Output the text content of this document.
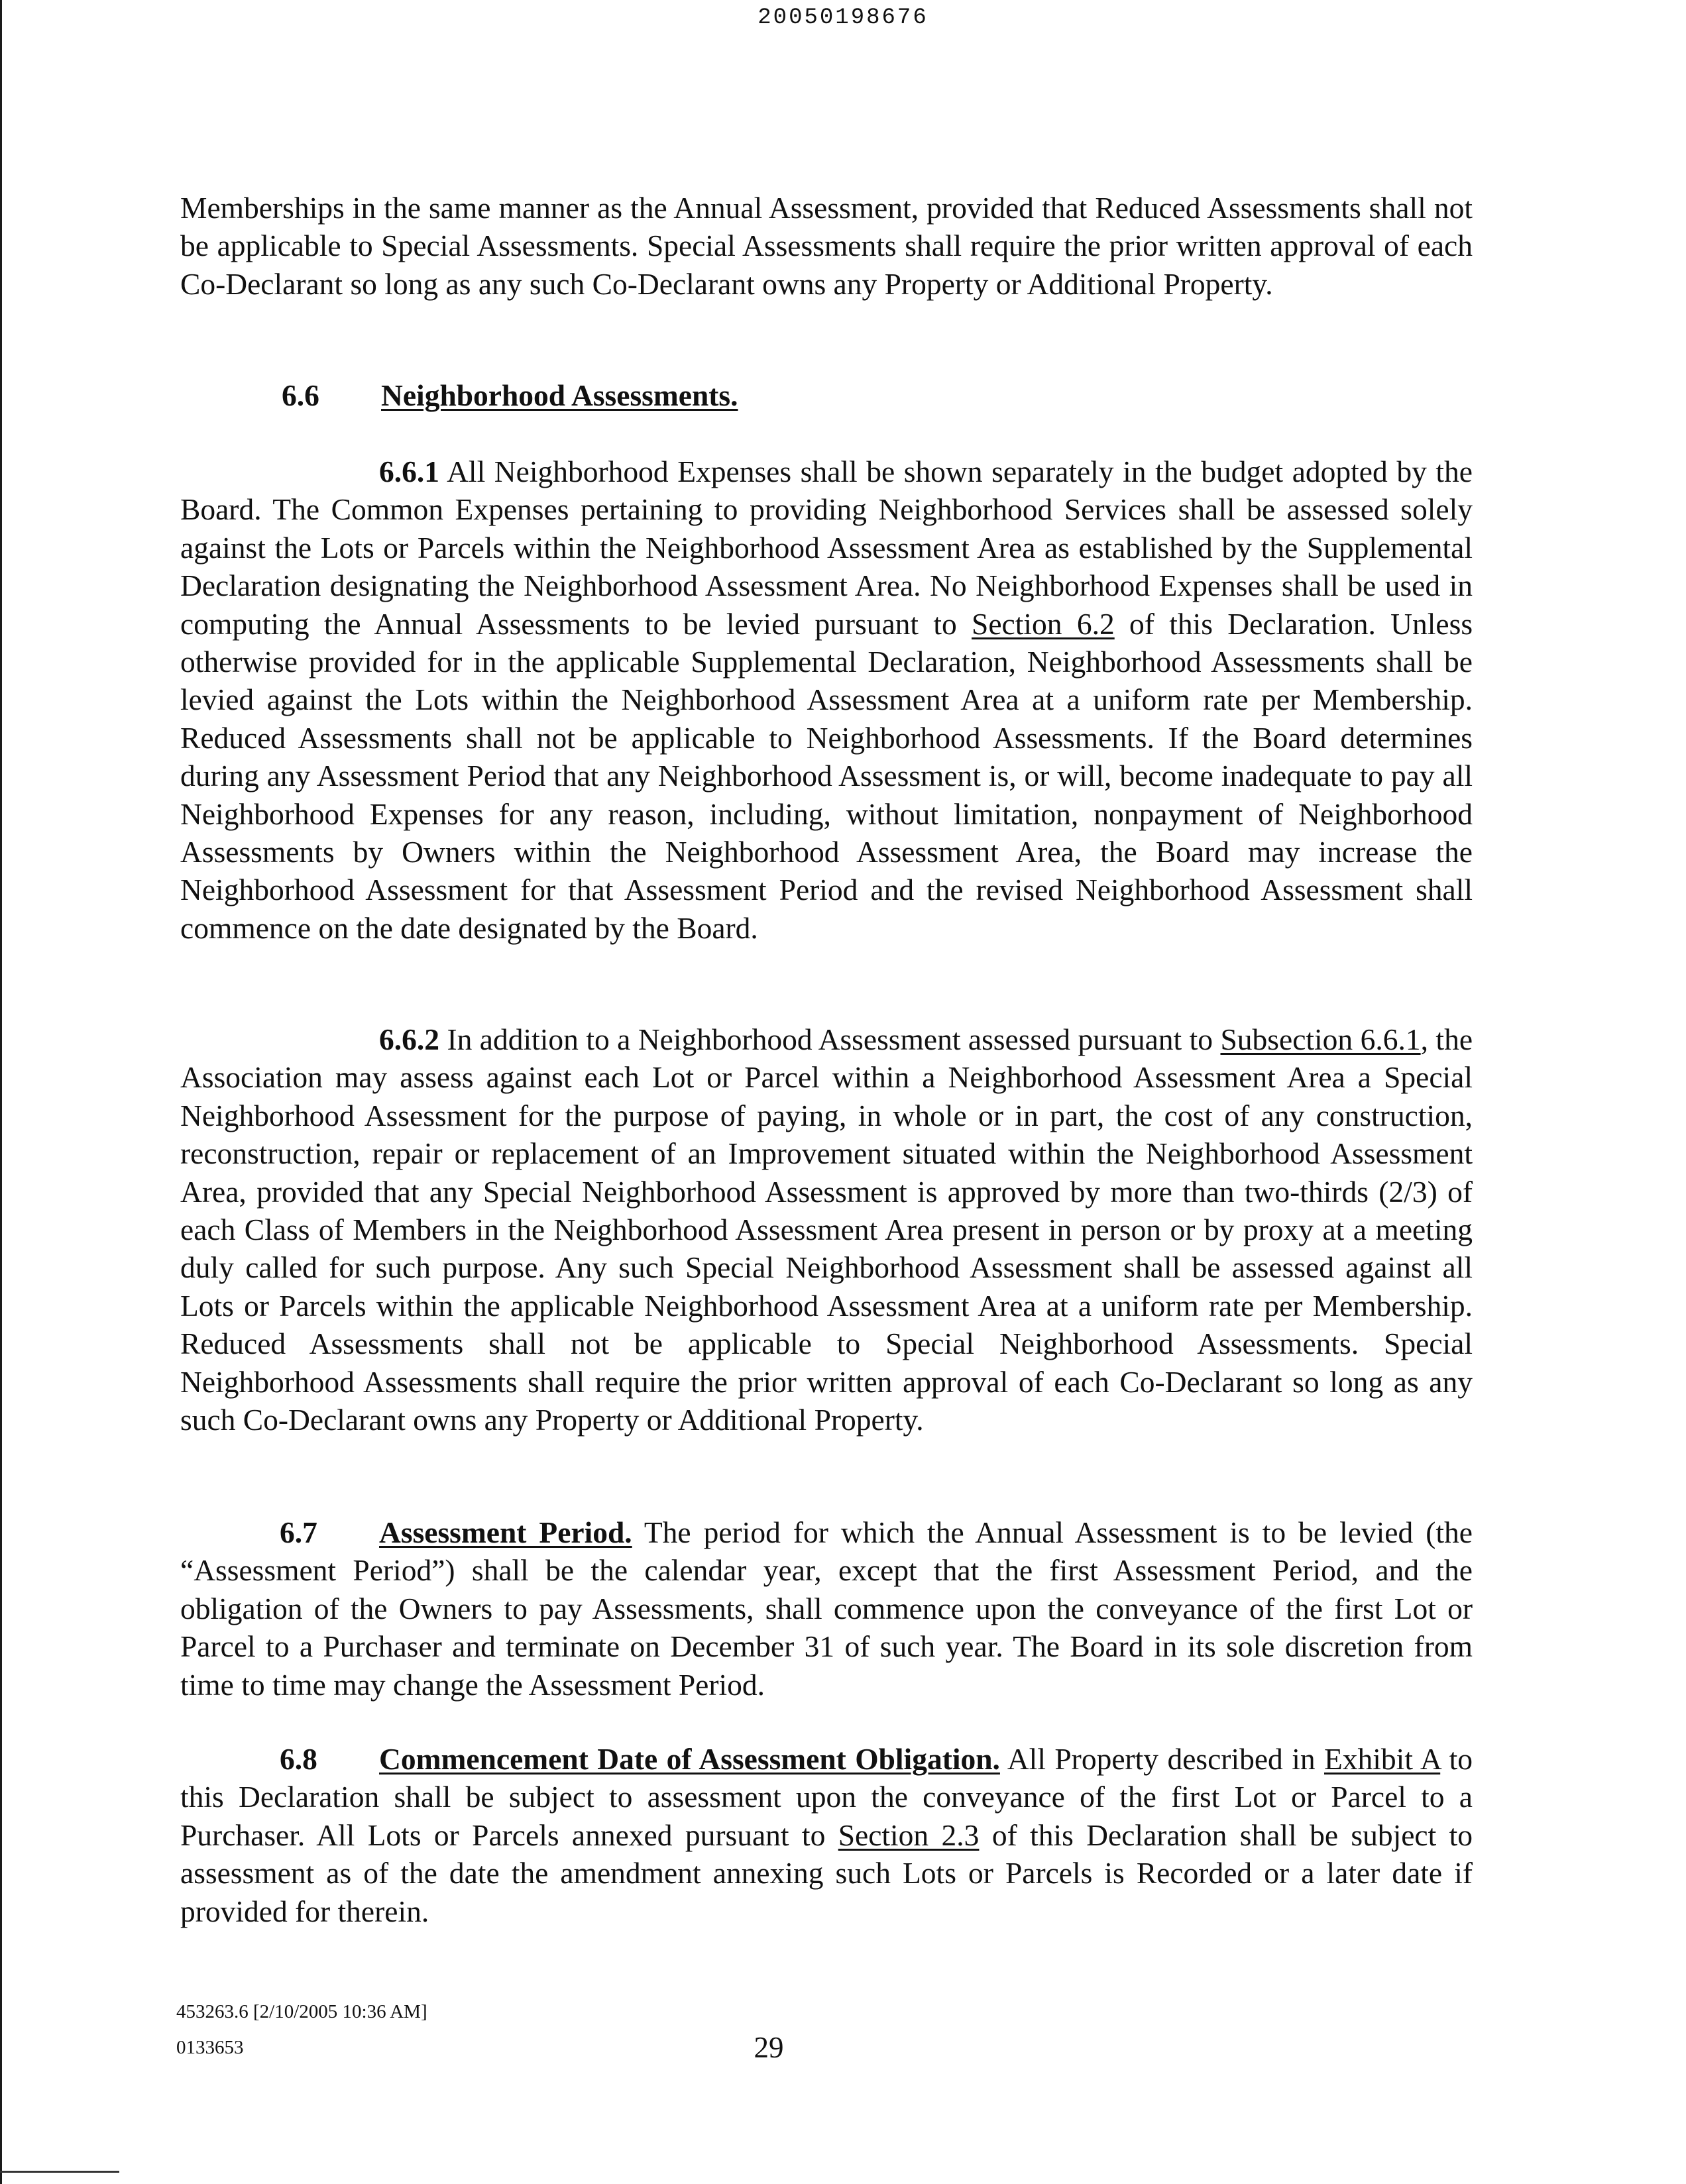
20050198676

Memberships in the same manner as the Annual Assessment, provided that Reduced Assessments shall not be applicable to Special Assessments. Special Assessments shall require the prior written approval of each Co-Declarant so long as any such Co-Declarant owns any Property or Additional Property.

6.6 Neighborhood Assessments.

6.6.1 All Neighborhood Expenses shall be shown separately in the budget adopted by the Board. The Common Expenses pertaining to providing Neighborhood Services shall be assessed solely against the Lots or Parcels within the Neighborhood Assessment Area as established by the Supplemental Declaration designating the Neighborhood Assessment Area. No Neighborhood Expenses shall be used in computing the Annual Assessments to be levied pursuant to Section 6.2 of this Declaration. Unless otherwise provided for in the applicable Supplemental Declaration, Neighborhood Assessments shall be levied against the Lots within the Neighborhood Assessment Area at a uniform rate per Membership. Reduced Assessments shall not be applicable to Neighborhood Assessments. If the Board determines during any Assessment Period that any Neighborhood Assessment is, or will, become inadequate to pay all Neighborhood Expenses for any reason, including, without limitation, nonpayment of Neighborhood Assessments by Owners within the Neighborhood Assessment Area, the Board may increase the Neighborhood Assessment for that Assessment Period and the revised Neighborhood Assessment shall commence on the date designated by the Board.

6.6.2 In addition to a Neighborhood Assessment assessed pursuant to Subsection 6.6.1, the Association may assess against each Lot or Parcel within a Neighborhood Assessment Area a Special Neighborhood Assessment for the purpose of paying, in whole or in part, the cost of any construction, reconstruction, repair or replacement of an Improvement situated within the Neighborhood Assessment Area, provided that any Special Neighborhood Assessment is approved by more than two-thirds (2/3) of each Class of Members in the Neighborhood Assessment Area present in person or by proxy at a meeting duly called for such purpose. Any such Special Neighborhood Assessment shall be assessed against all Lots or Parcels within the applicable Neighborhood Assessment Area at a uniform rate per Membership. Reduced Assessments shall not be applicable to Special Neighborhood Assessments. Special Neighborhood Assessments shall require the prior written approval of each Co-Declarant so long as any such Co-Declarant owns any Property or Additional Property.

6.7 Assessment Period. The period for which the Annual Assessment is to be levied (the “Assessment Period”) shall be the calendar year, except that the first Assessment Period, and the obligation of the Owners to pay Assessments, shall commence upon the conveyance of the first Lot or Parcel to a Purchaser and terminate on December 31 of such year. The Board in its sole discretion from time to time may change the Assessment Period.

6.8 Commencement Date of Assessment Obligation. All Property described in Exhibit A to this Declaration shall be subject to assessment upon the conveyance of the first Lot or Parcel to a Purchaser. All Lots or Parcels annexed pursuant to Section 2.3 of this Declaration shall be subject to assessment as of the date the amendment annexing such Lots or Parcels is Recorded or a later date if provided for therein.

453263.6 [2/10/2005 10:36 AM]
0133653	29
